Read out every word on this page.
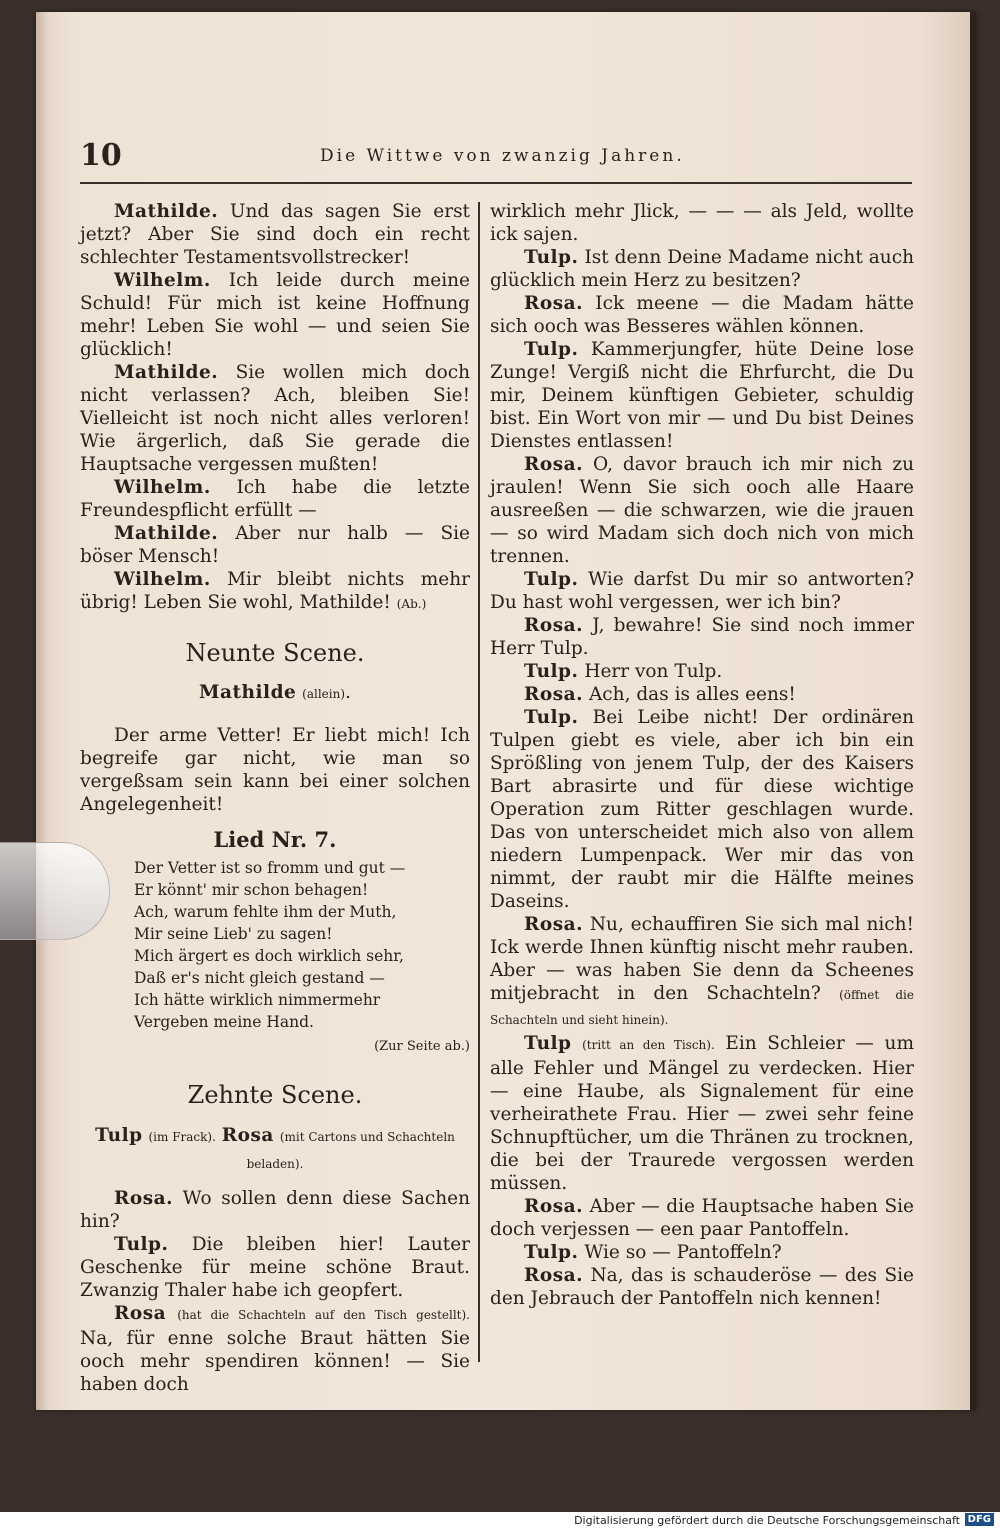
10	Die Wittwe von zwanzig Jahren.

Mathilde. Und das sagen Sie erst jetzt? Aber Sie sind doch ein recht schlechter Testamentsvollstrecker!

Wilhelm. Ich leide durch meine Schuld! Für mich ist keine Hoffnung mehr! Leben Sie wohl — und seien Sie glücklich!

Mathilde. Sie wollen mich doch nicht verlassen? Ach, bleiben Sie! Vielleicht ist noch nicht alles verloren! Wie ärgerlich, daß Sie gerade die Hauptsache vergessen mußten!

Wilhelm. Ich habe die letzte Freundespflicht erfüllt —

Mathilde. Aber nur halb — Sie böser Mensch!

Wilhelm. Mir bleibt nichts mehr übrig! Leben Sie wohl, Mathilde! (Ab.)

Neunte Scene.

Mathilde (allein).

Der arme Vetter! Er liebt mich! Ich begreife gar nicht, wie man so vergeßsam sein kann bei einer solchen Angelegenheit!

Lied Nr. 7.

Der Vetter ist so fromm und gut —
Er könnt' mir schon behagen!
Ach, warum fehlte ihm der Muth,
Mir seine Lieb' zu sagen!
Mich ärgert es doch wirklich sehr,
Daß er's nicht gleich gestand —
Ich hätte wirklich nimmermehr
Vergeben meine Hand.

(Zur Seite ab.)

Zehnte Scene.

Tulp (im Frack). Rosa (mit Cartons und Schachteln beladen).

Rosa. Wo sollen denn diese Sachen hin?

Tulp. Die bleiben hier! Lauter Geschenke für meine schöne Braut. Zwanzig Thaler habe ich geopfert.

Rosa (hat die Schachteln auf den Tisch gestellt). Na, für enne solche Braut hätten Sie ooch mehr spendiren können! — Sie haben doch

wirklich mehr Jlick, — — — als Jeld, wollte ick sajen.

Tulp. Ist denn Deine Madame nicht auch glücklich mein Herz zu besitzen?

Rosa. Ick meene — die Madam hätte sich ooch was Besseres wählen können.

Tulp. Kammerjungfer, hüte Deine lose Zunge! Vergiß nicht die Ehrfurcht, die Du mir, Deinem künftigen Gebieter, schuldig bist. Ein Wort von mir — und Du bist Deines Dienstes entlassen!

Rosa. O, davor brauch ich mir nich zu jraulen! Wenn Sie sich ooch alle Haare ausreeßen — die schwarzen, wie die jrauen — so wird Madam sich doch nich von mich trennen.

Tulp. Wie darfst Du mir so antworten? Du hast wohl vergessen, wer ich bin?

Rosa. J, bewahre! Sie sind noch immer Herr Tulp.

Tulp. Herr von Tulp.

Rosa. Ach, das is alles eens!

Tulp. Bei Leibe nicht! Der ordinären Tulpen giebt es viele, aber ich bin ein Sprößling von jenem Tulp, der des Kaisers Bart abrasirte und für diese wichtige Operation zum Ritter geschlagen wurde. Das von unterscheidet mich also von allem niedern Lumpenpack. Wer mir das von nimmt, der raubt mir die Hälfte meines Daseins.

Rosa. Nu, echauffiren Sie sich mal nich! Ick werde Ihnen künftig nischt mehr rauben. Aber — was haben Sie denn da Scheenes mitjebracht in den Schachteln? (öffnet die Schachteln und sieht hinein).

Tulp (tritt an den Tisch). Ein Schleier — um alle Fehler und Mängel zu verdecken. Hier — eine Haube, als Signalement für eine verheirathete Frau. Hier — zwei sehr feine Schnupftücher, um die Thränen zu trocknen, die bei der Traurede vergossen werden müssen.

Rosa. Aber — die Hauptsache haben Sie doch verjessen — een paar Pantoffeln.

Tulp. Wie so — Pantoffeln?

Rosa. Na, das is schauderöse — des Sie den Jebrauch der Pantoffeln nich kennen!

Digitalisierung gefördert durch die Deutsche Forschungsgemeinschaft DFG
